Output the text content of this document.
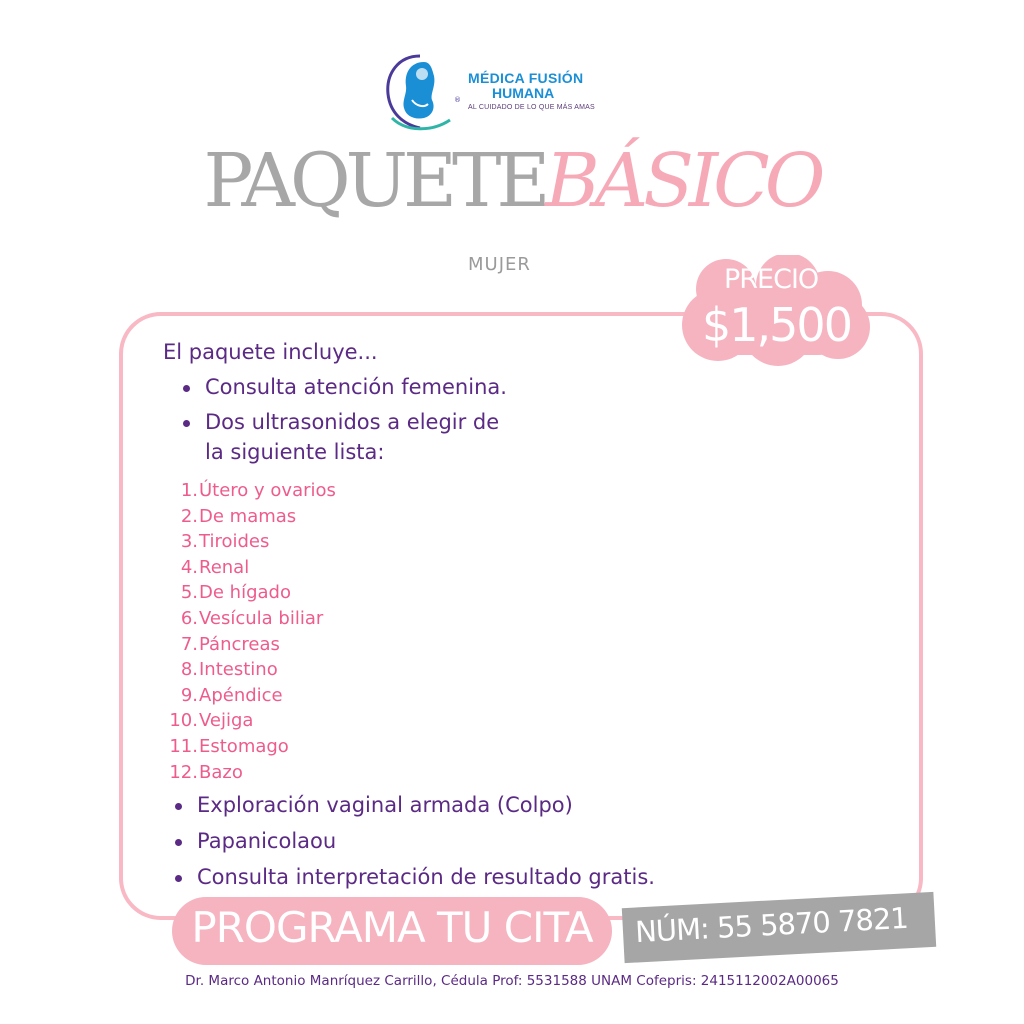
MÉDICA FUSIÓN
HUMANA
AL CUIDADO DE LO QUE MÁS AMAS
®
PAQUETEBÁSICO
MUJER	PRECIO
$1,500
El paquete incluye...
Consulta atención femenina.
Dos ultrasonidos a elegir de
la siguiente lista:
1.Útero y ovarios
2.De mamas
3.Tiroides
4.Renal
5.De hígado
6.Vesícula biliar
7.Páncreas
8.Intestino
9.Apéndice
10.Vejiga
11.Estomago
12.Bazo
Exploración vaginal armada (Colpo)
Papanicolaou
Consulta interpretación de resultado gratis.
PROGRAMA TU CITA	NÚM: 55 5870 7821
Dr. Marco Antonio Manríquez Carrillo, Cédula Prof: 5531588 UNAM Cofepris: 2415112002A00065
